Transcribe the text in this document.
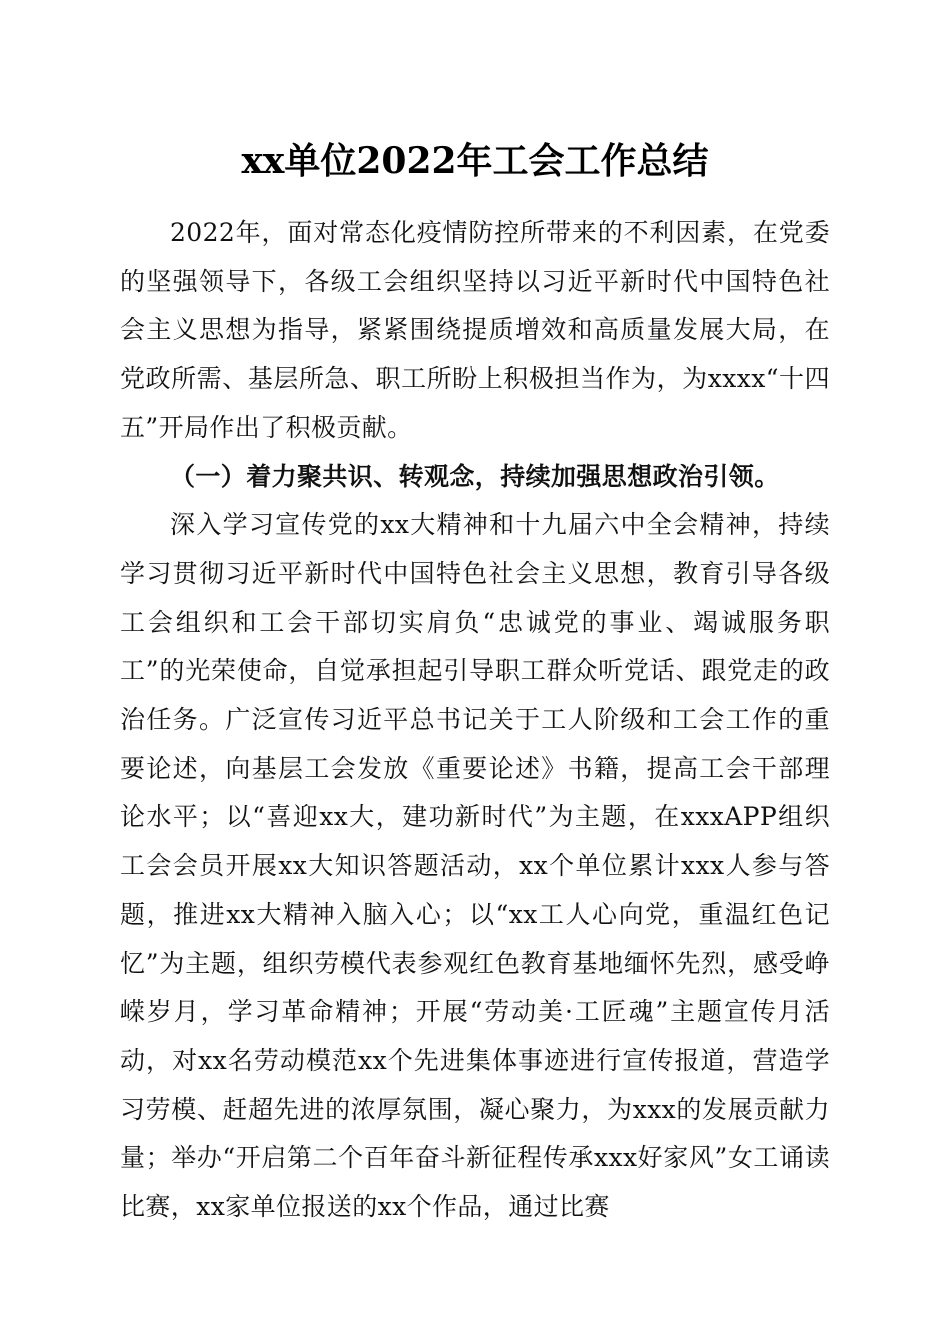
xx单位2022年工会工作总结

2022年，面对常态化疫情防控所带来的不利因素，在党委的坚强领导下，各级工会组织坚持以习近平新时代中国特色社会主义思想为指导，紧紧围绕提质增效和高质量发展大局，在党政所需、基层所急、职工所盼上积极担当作为，为xxxx“十四五”开局作出了积极贡献。

（一）着力聚共识、转观念，持续加强思想政治引领。

深入学习宣传党的xx大精神和十九届六中全会精神，持续学习贯彻习近平新时代中国特色社会主义思想，教育引导各级工会组织和工会干部切实肩负“忠诚党的事业、竭诚服务职工”的光荣使命，自觉承担起引导职工群众听党话、跟党走的政治任务。广泛宣传习近平总书记关于工人阶级和工会工作的重要论述，向基层工会发放《重要论述》书籍，提高工会干部理论水平；以“喜迎xx大，建功新时代”为主题，在xxxAPP组织工会会员开展xx大知识答题活动，xx个单位累计xxx人参与答题，推进xx大精神入脑入心；以“xx工人心向党，重温红色记忆”为主题，组织劳模代表参观红色教育基地缅怀先烈，感受峥嵘岁月，学习革命精神；开展“劳动美·工匠魂”主题宣传月活动，对xx名劳动模范xx个先进集体事迹进行宣传报道，营造学习劳模、赶超先进的浓厚氛围，凝心聚力，为xxx的发展贡献力量；举办“开启第二个百年奋斗新征程传承xxx好家风”女工诵读比赛，xx家单位报送的xx个作品，通过比赛
